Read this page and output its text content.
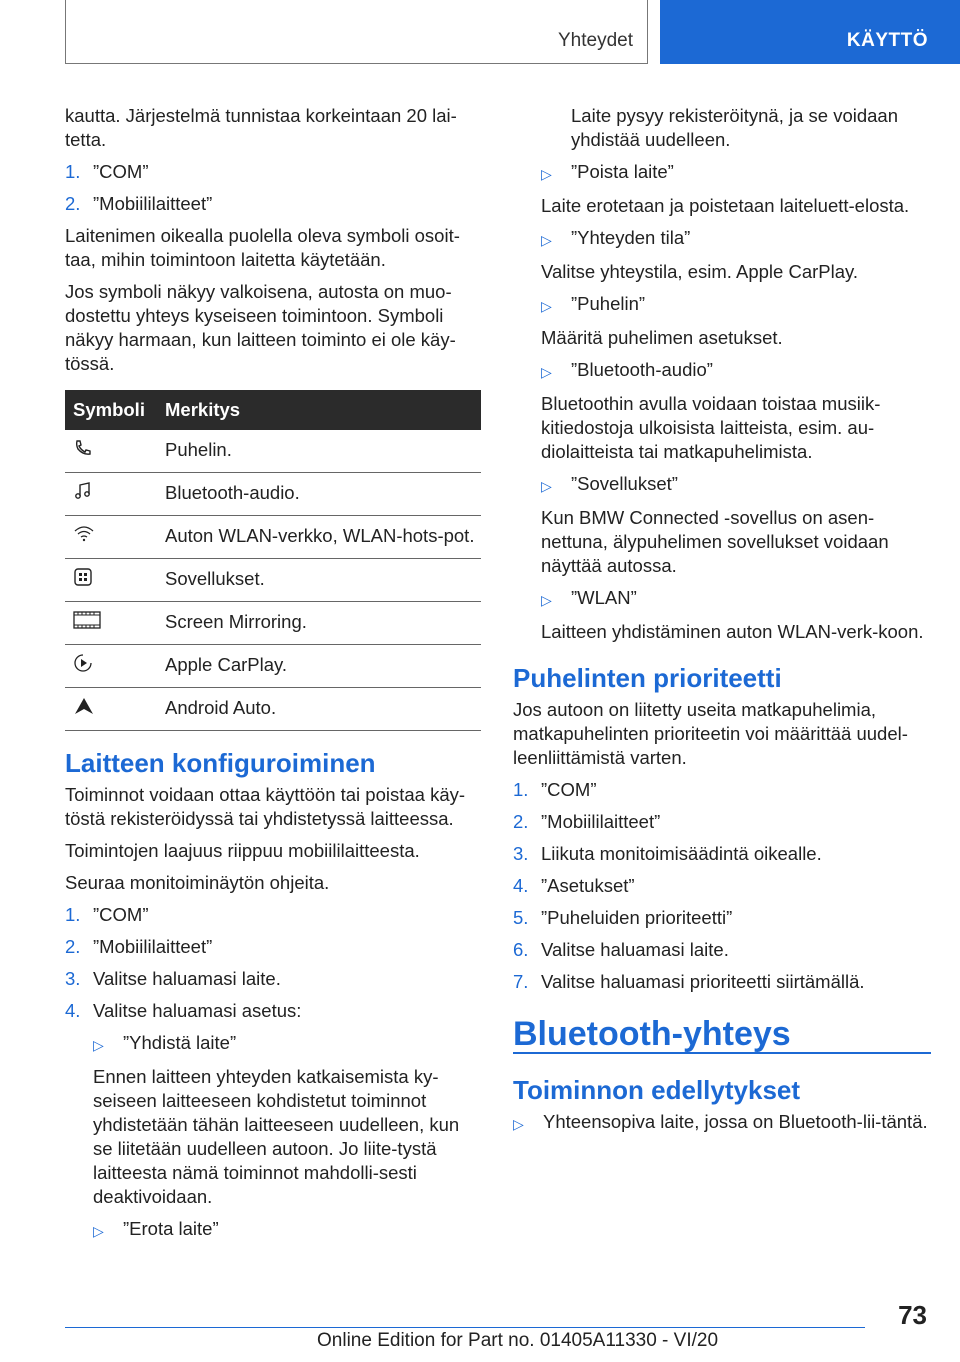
Yhteydet	KÄYTTÖ

kautta. Järjestelmä tunnistaa korkeintaan 20 lai-tetta.

1. ”COM”
2. ”Mobiililaitteet”

Laitenimen oikealla puolella oleva symboli osoit-taa, mihin toimintoon laitetta käytetään.

Jos symboli näkyy valkoisena, autosta on muo-dostettu yhteys kyseiseen toimintoon. Symboli näkyy harmaan, kun laitteen toiminto ei ole käy-tössä.

Symboli	Merkitys
	Puhelin.
	Bluetooth-audio.
	Auton WLAN-verkko, WLAN-hots-pot.
	Sovellukset.
	Screen Mirroring.
	Apple CarPlay.
	Android Auto.
Laitteen konfiguroiminen

Toiminnot voidaan ottaa käyttöön tai poistaa käy-töstä rekisteröidyssä tai yhdistetyssä laitteessa.

Toimintojen laajuus riippuu mobiililaitteesta.

Seuraa monitoiminäytön ohjeita.

1. ”COM”
2. ”Mobiililaitteet”
3. Valitse haluamasi laite.
4. Valitse haluamasi asetus:
▷	”Yhdistä laite”

Ennen laitteen yhteyden katkaisemista ky-seiseen laitteeseen kohdistetut toiminnot yhdistetään tähän laitteeseen uudelleen, kun se liitetään uudelleen autoon. Jo liite-tystä laitteesta nämä toiminnot mahdolli-sesti deaktivoidaan.

▷	”Erota laite”

Laite pysyy rekisteröitynä, ja se voidaan yhdistää uudelleen.

▷	”Poista laite”

Laite erotetaan ja poistetaan laiteluett-elosta.

▷	”Yhteyden tila”

Valitse yhteystila, esim. Apple CarPlay.

▷	”Puhelin”

Määritä puhelimen asetukset.

▷	”Bluetooth-audio”

Bluetoothin avulla voidaan toistaa musiik-kitiedostoja ulkoisista laitteista, esim. au-diolaitteista tai matkapuhelimista.

▷	”Sovellukset”

Kun BMW Connected -sovellus on asen-nettuna, älypuhelimen sovellukset voidaan näyttää autossa.

▷	”WLAN”

Laitteen yhdistäminen auton WLAN-verk-koon.

Puhelinten prioriteetti

Jos autoon on liitetty useita matkapuhelimia, matkapuhelinten prioriteetin voi määrittää uudel-leenliittämistä varten.

1. ”COM”
2. ”Mobiililaitteet”
3. Liikuta monitoimisäädintä oikealle.
4. ”Asetukset”
5. ”Puheluiden prioriteetti”
6. Valitse haluamasi laite.
7. Valitse haluamasi prioriteetti siirtämällä.
Bluetooth-yhteys
Toiminnon edellytykset
▷	Yhteensopiva laite, jossa on Bluetooth-lii-täntä.
73
Online Edition for Part no. 01405A11330 - VI/20
